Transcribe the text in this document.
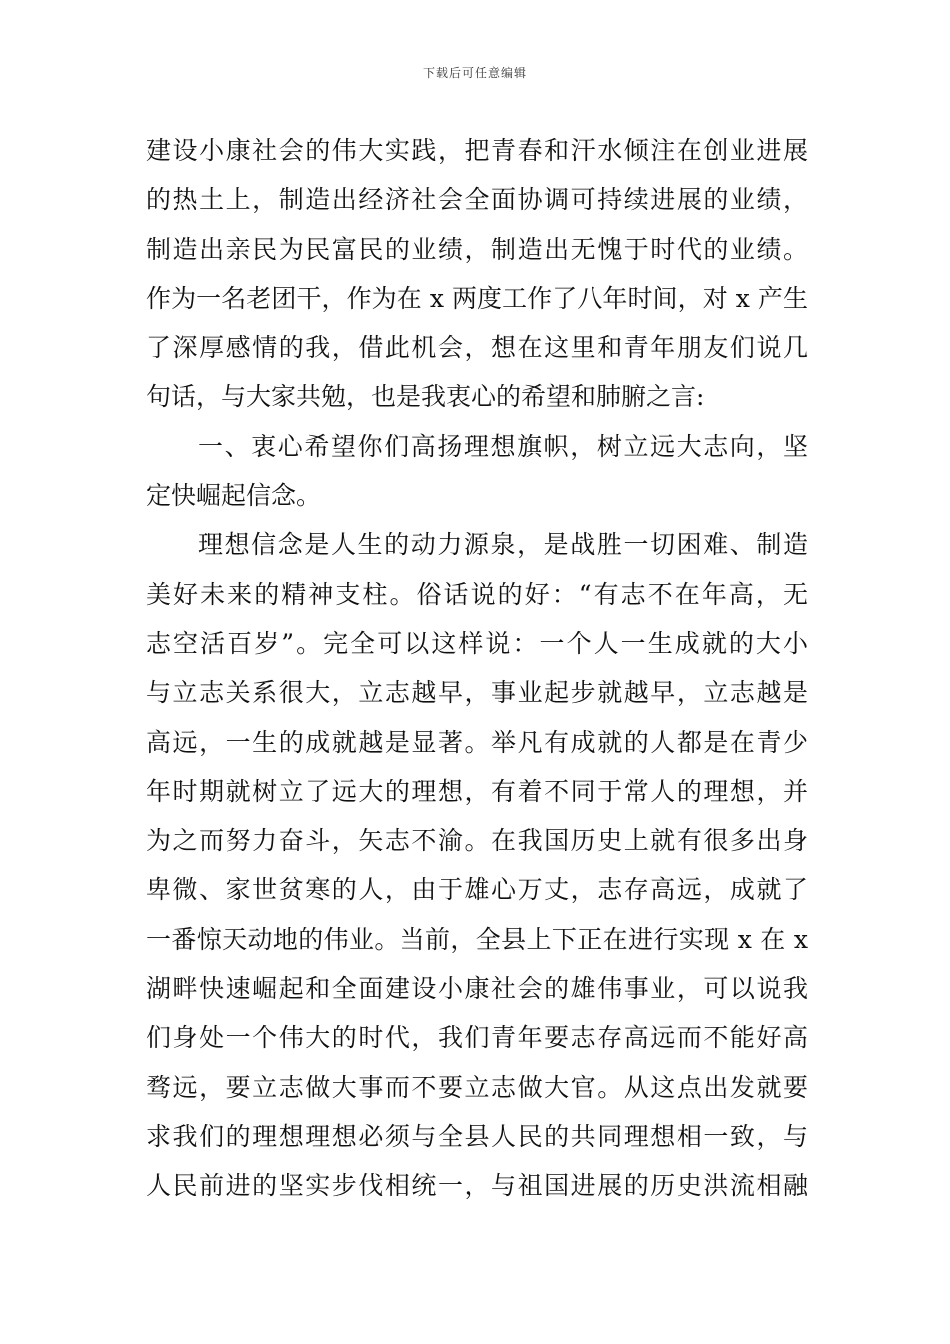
下载后可任意编辑
建设小康社会的伟大实践，把青春和汗水倾注在创业进展
的热土上，制造出经济社会全面协调可持续进展的业绩，
制造出亲民为民富民的业绩，制造出无愧于时代的业绩。
作为一名老团干，作为在 x 两度工作了八年时间，对 x 产生
了深厚感情的我，借此机会，想在这里和青年朋友们说几
句话，与大家共勉，也是我衷心的希望和肺腑之言:
一、衷心希望你们高扬理想旗帜，树立远大志向，坚
定快崛起信念。
理想信念是人生的动力源泉，是战胜一切困难、制造
美好未来的精神支柱。俗话说的好：“有志不在年高，无
志空活百岁”。完全可以这样说：一个人一生成就的大小
与立志关系很大，立志越早，事业起步就越早，立志越是
高远，一生的成就越是显著。举凡有成就的人都是在青少
年时期就树立了远大的理想，有着不同于常人的理想，并
为之而努力奋斗，矢志不渝。在我国历史上就有很多出身
卑微、家世贫寒的人，由于雄心万丈，志存高远，成就了
一番惊天动地的伟业。当前，全县上下正在进行实现 x 在 x
湖畔快速崛起和全面建设小康社会的雄伟事业，可以说我
们身处一个伟大的时代，我们青年要志存高远而不能好高
骛远，要立志做大事而不要立志做大官。从这点出发就要
求我们的理想理想必须与全县人民的共同理想相一致，与
人民前进的坚实步伐相统一，与祖国进展的历史洪流相融
